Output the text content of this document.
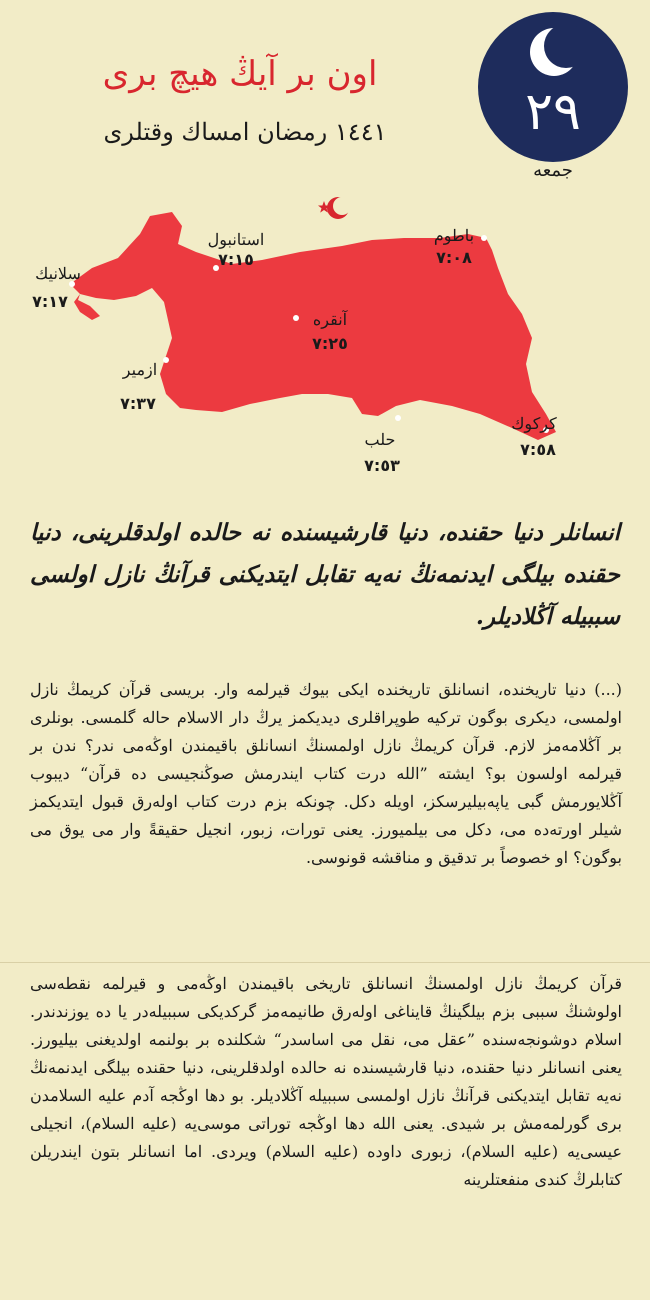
اون بر آیڭ هیچ بری
۱٤٤۱ رمضان امساك وقتلری	۲۹
جمعه
استانبول
۷:۱٥
باطوم
۷:۰۸
سلانیك
۷:۱۷
آنقره
۷:۲٥
ازمیر
۷:۳۷
حلب
۷:٥۳
کرکوك
۷:٥۸
انسانلر دنیا حقنده، دنیا قارشیسنده نه حالده اولدقلرینی، دنیا حقنده بیلگی ایدنمەنڭ نەیه تقابل ایتدیکنی قرآنڭ نازل اولسی سببیله آڭلادیلر.
(...) دنیا تاریخنده، انسانلق تاریخنده ایکی بیوك قیرلمه وار. بریسی قرآن کریمڭ نازل اولمسی، دیکری بوگون ترکیه طوپراقلری دیدیکمز یرڭ دار الاسلام حاله گلمسی. بونلری بر آڭلامەمز لازم. قرآن کریمڭ نازل اولمسنڭ انسانلق باقیمندن اوڭەمی ندر؟ ندن بر قیرلمه اولسون بو؟ ایشته ”الله درت کتاب ایندرمش صوڭنجیسی ده قرآن“ دیبوب آڭلایورمش گبی یاپەبیلیرسکز، اویله دکل. چونکه بزم درت کتاب اولەرق قبول ایتدیکمز شیلر اورتەده می، دکل می بیلمیورز. یعنی تورات، زبور، انجیل حقیقةً وار می یوق می بوگون؟ او خصوصاً بر تدقیق و مناقشه قونوسی.
قرآن کریمڭ نازل اولمسنڭ انسانلق تاریخی باقیمندن اوڭەمی و قیرلمه نقطەسی اولوشنڭ سببی بزم بیلگینڭ قایناغی اولەرق طانیمەمز گرکدیکی سببیلەدر یا ده یوزندندر. اسلام دوشونجەسنده ”عقل می، نقل می اساسدر“ شکلنده بر بولنمه اولدیغنی بیلیورز. یعنی انسانلر دنیا حقنده، دنیا قارشیسنده نه حالده اولدقلرینی، دنیا حقنده بیلگی ایدنمەنڭ نەیه تقابل ایتدیکنی قرآنڭ نازل اولمسی سببیله آڭلادیلر. بو دها اوڭجه آدم علیه السلامدن بری گورلمەمش بر شیدی. یعنی الله دها اوڭجه توراتی موسی‌یه (علیه السلام)، انجیلی عیسی‌یه (علیه السلام)، زبوری داوده (علیه السلام) ویردی. اما انسانلر بتون ایندریلن کتابلرڭ کندی منفعتلرینه
